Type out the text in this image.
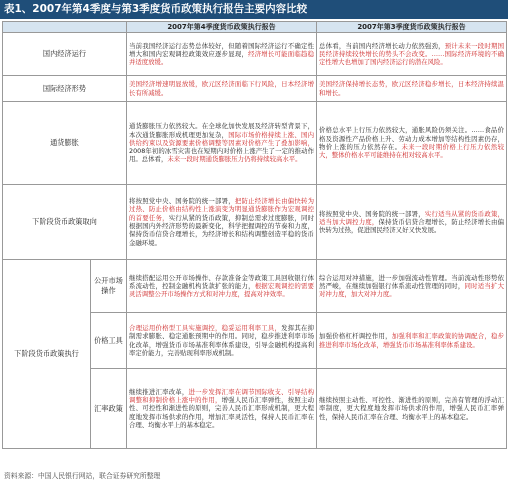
表1、2007年第4季度与第3季度货币政策执行报告主要内容比较
		2007年第4季度货币政策执行报告	2007年第3季度货币政策执行报告
国内经济运行		当前我国经济运行态势总体较好，但随着国际经济运行不确定性增大和国内宏观调控政策效应逐步显现，经济增长可能面临趋稳并适度放缓。	总体看，当前国内经济增长动力依然强劲，预计未来一段时期国民经济持续较快增长的势头不会改变。……国际经济环境的不确定性增大也增加了国内经济运行的潜在风险。
国际经济形势		美国经济增速明显放缓，欧元区经济面临下行风险，日本经济增长有所减缓。	美国经济保持增长态势，欧元区经济稳步增长，日本经济持续温和增长。
通货膨胀		通货膨胀压力依然较大。在全球化加快发展及经济转型背景下，本次通货膨胀形成机理更加复杂，国际市场价格持续上涨、国内供给约束以及资源要素价格调整等因素对价格产生了叠加影响，2008年初的冰雪灾害也在短期内对价格上涨产生了一定的推动作用。总体看，未来一段时期通货膨胀压力仍将持续较高水平。	价格总水平上行压力依然较大，通胀风险仍须关注。……食品价格及资源性产品价格上升、劳动力成本增加等结构性因素仍存，物价上涨的压力依然存在。未来一段时期价格上行压力依然较大，整体价格水平可能维持在相对较高水平。
下阶段货币政策取向		将按照党中央、国务院的统一部署，把防止经济增长由偏快转为过热、防止价格由结构性上涨演变为明显通货膨胀作为宏观调控的首要任务，实行从紧的货币政策，抑制总需求过度膨胀，同时根据国内外经济形势的最新变化，科学把握调控的节奏和力度，保持货币信贷合理增长，为经济增长和结构调整创造平稳的货币金融环境。	将按照党中央、国务院的统一部署，实行适当从紧的货币政策，适当加大调控力度，保持货币信贷合理增长，防止经济增长由偏快转为过热，促进国民经济又好又快发展。
下阶段货币政策执行	公开市场操作	继续搭配运用公开市场操作、存款准备金等政策工具回收银行体系流动性，控制金融机构货款扩张的能力，根据宏观调控的需要灵活调整公开市场操作方式和对冲力度，提高对冲效率。	综合运用对冲措施，进一步加强流动性管理。当前流动性形势依然严峻，在继续加强银行体系流动性管理的同时，同时适当扩大对冲力度，加大对冲力度。
	价格工具	合理运用价格型工具实施调控，稳妥运用利率工具，发挥其在抑制需求膨胀、稳定通胀预期中的作用。同时，稳步推进利率市场化改革，增强货币市场基准利率体系建设，引导金融机构提高利率定价能力，完善贴现利率形成机制。	加强价格杠杆调控作用，加强利率和汇率政策的协调配合，稳步推进利率市场化改革，增强货币市场基准利率体系建设。
	汇率政策	继续推进汇率改革，进一步发挥汇率在调节国际收支、引导结构调整和抑制价格上涨中的作用，增强人民币汇率弹性，按照主动性、可控性和渐进性的原则，完善人民币汇率形成机制，更大程度地发挥市场供求的作用，增加汇率灵活性，保持人民币汇率在合理、均衡水平上的基本稳定。	继续按照主动性、可控性、渐进性的原则，完善有管理的浮动汇率制度，更大程度地发挥市场供求的作用，增强人民币汇率弹性，保持人民币汇率在合理、均衡水平上的基本稳定。
资料来源：中国人民银行网站，联合证券研究所整理
